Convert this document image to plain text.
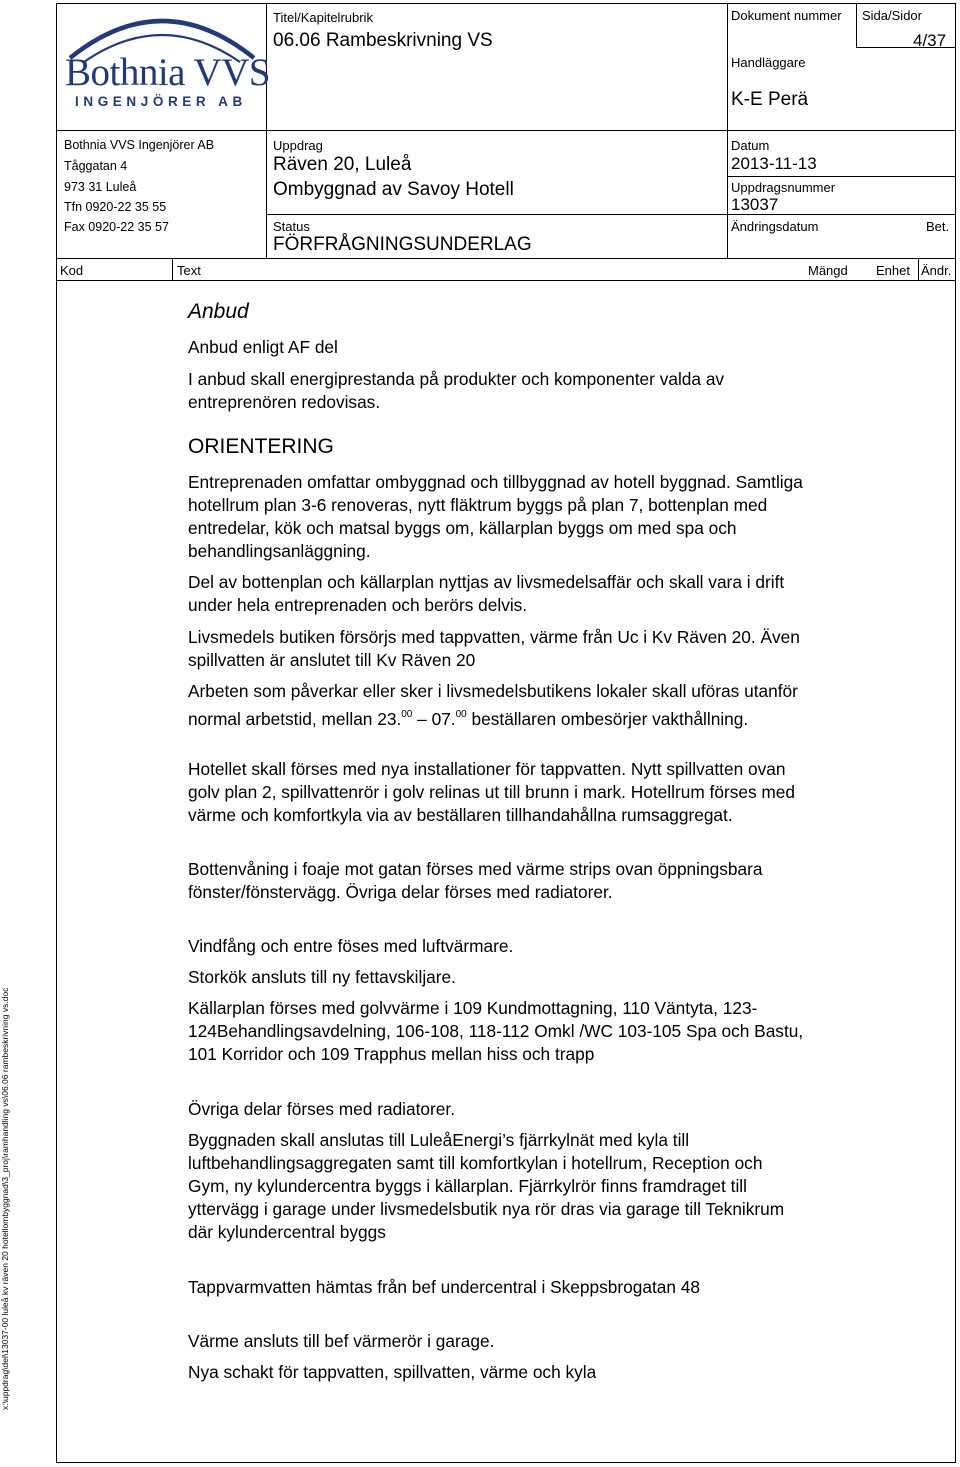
Bothnia VVS
INGENJÖRER AB
Bothnia VVS Ingenjörer AB
Tåggatan 4
973 31 Luleå
Tfn 0920-22 35 55
Fax 0920-22 35 57
Titel/Kapitelrubrik
06.06 Rambeskrivning VS
Uppdrag
Räven 20, Luleå
Ombyggnad av Savoy Hotell
Status
FÖRFRÅGNINGSUNDERLAG
Dokument nummer Sida/Sidor
4/37
Handläggare
K-E Perä
Datum
2013-11-13
Uppdragsnummer
13037
Ändringsdatum	Bet.
Kod	Text	Mängd Enhet Ändr.
Anbud
Anbud enligt AF del
I anbud skall energiprestanda på produkter och komponenter valda av entreprenören redovisas.
ORIENTERING
Entreprenaden omfattar ombyggnad och tillbyggnad av hotell byggnad. Samtliga hotellrum plan 3-6 renoveras, nytt fläktrum byggs på plan 7, bottenplan med entredelar, kök och matsal byggs om, källarplan byggs om med spa och behandlingsanläggning.
Del av bottenplan och källarplan nyttjas av livsmedelsaffär och skall vara i drift under hela entreprenaden och berörs delvis.
Livsmedels butiken försörjs med tappvatten, värme från Uc i Kv Räven 20. Även spillvatten är anslutet till Kv Räven 20
Arbeten som påverkar eller sker i livsmedelsbutikens lokaler skall uföras utanför normal arbetstid, mellan 23.00 – 07.00 beställaren ombesörjer vakthållning.
Hotellet skall förses med nya installationer för tappvatten. Nytt spillvatten ovan golv plan 2, spillvattenrör i golv relinas ut till brunn i mark. Hotellrum förses med värme och komfortkyla via av beställaren tillhandahållna rumsaggregat.
Bottenvåning i foaje mot gatan förses med värme strips ovan öppningsbara fönster/fönstervägg. Övriga delar förses med radiatorer.
Vindfång och entre föses med luftvärmare.
Storkök ansluts till ny fettavskiljare.
Källarplan förses med golvvärme i 109 Kundmottagning, 110 Väntyta, 123-124Behandlingsavdelning, 106-108, 118-112 Omkl /WC 103-105 Spa och Bastu, 101 Korridor och 109 Trapphus mellan hiss och trapp
Övriga delar förses med radiatorer.
Byggnaden skall anslutas till LuleåEnergi’s fjärrkylnät med kyla till luftbehandlingsaggregaten samt till komfortkylan i hotellrum, Reception och Gym, ny kylundercentra byggs i källarplan. Fjärrkylrör finns framdraget till yttervägg i garage under livsmedelsbutik nya rör dras via garage till Teknikrum där kylundercentral byggs
Tappvarmvatten hämtas från bef undercentral i Skeppsbrogatan 48
Värme ansluts till bef värmerör i garage.
Nya schakt för tappvatten, spillvatten, värme och kyla
x:\uppdrag\del\13037-00 luleå kv räven 20 hotellombyggnad\3_proj\ramhandling vs\06.06 rambeskrivning vs.doc
